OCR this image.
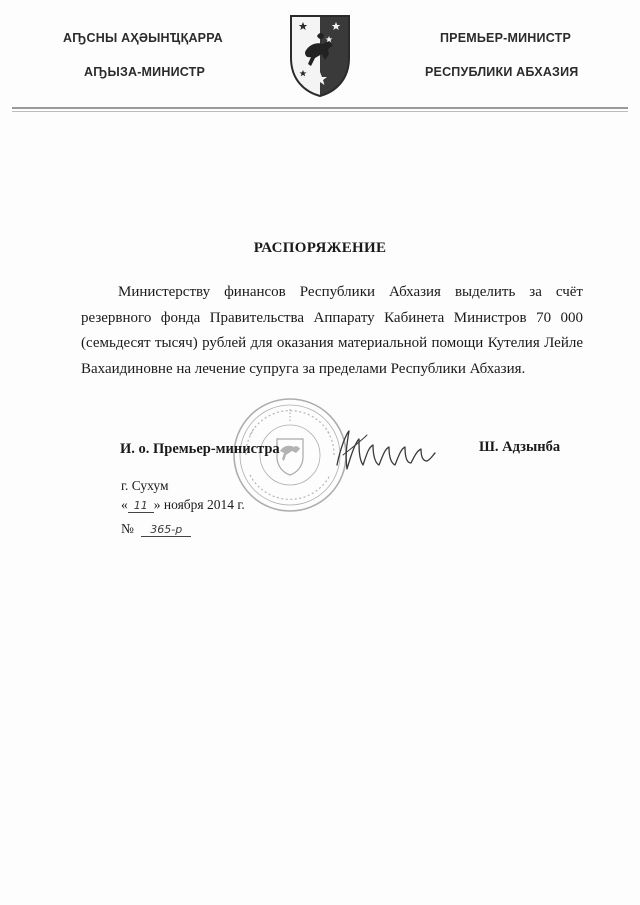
АҦСНЫ АҲӘЫНҴҚАРРА
АҦЫЗА-МИНИСТР
ПРЕМЬЕР-МИНИСТР
РЕСПУБЛИКИ АБХАЗИЯ
РАСПОРЯЖЕНИЕ
Министерству финансов Республики Абхазия выделить за счёт резервного фонда Правительства Аппарату Кабинета Министров 70 000 (семьдесят тысяч) рублей для оказания материальной помощи Кутелия Лейле Вахаидиновне на лечение супруга за пределами Республики Абхазия.
И. о. Премьер-министра	Ш. Адзынба
г. Сухум
« 11 » ноября 2014 г.
№ 365-р
